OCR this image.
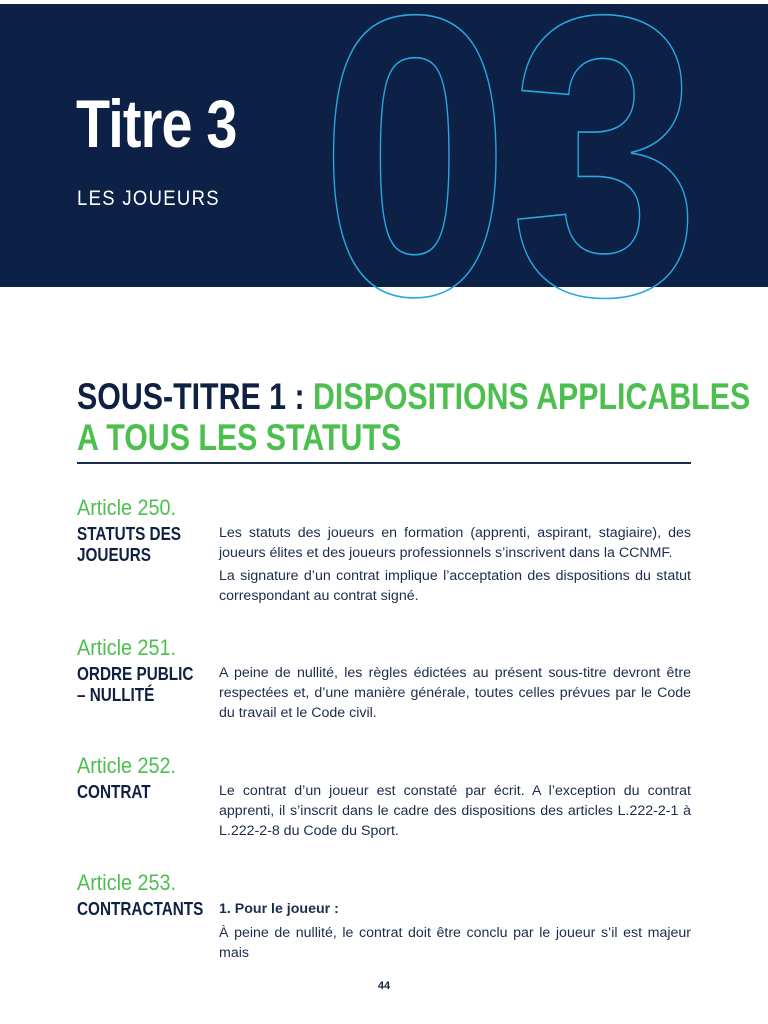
03
Titre 3
LES JOUEURS
SOUS-TITRE 1 : DISPOSITIONS APPLICABLES
A TOUS LES STATUTS
Article 250.
STATUTS DES JOUEURS

Les statuts des joueurs en formation (apprenti, aspirant, stagiaire), des joueurs élites et des joueurs professionnels s’inscrivent dans la CCNMF.

La signature d’un contrat implique l’acceptation des dispositions du statut correspondant au contrat signé.

Article 251.
ORDRE PUBLIC – NULLITÉ

A peine de nullité, les règles édictées au présent sous-titre devront être respectées et, d’une manière générale, toutes celles prévues par le Code du travail et le Code civil.

Article 252.
CONTRAT	Le contrat d’un joueur est constaté par écrit. A l’exception du contrat apprenti, il s’inscrit dans le cadre des dispositions des articles L.222-2-1 à L.222-2-8 du Code du Sport.

Article 253.
CONTRACTANTS 1. Pour le joueur :

À peine de nullité, le contrat doit être conclu par le joueur s’il est majeur mais

44
